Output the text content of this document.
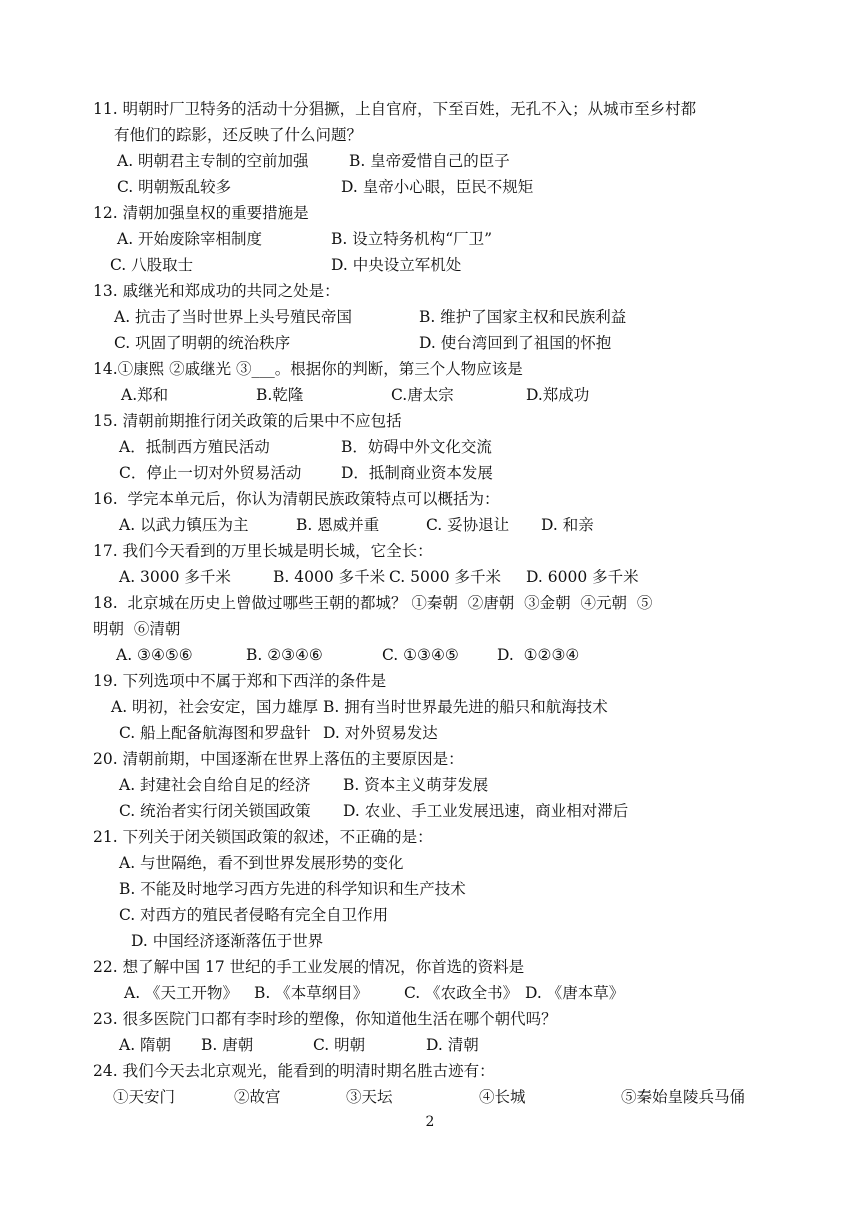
11. 明朝时厂卫特务的活动十分猖撅，上自官府，下至百姓，无孔不入；从城市至乡村都
有他们的踪影，还反映了什么问题？
A. 明朝君主专制的空前加强	B. 皇帝爱惜自己的臣子
C. 明朝叛乱较多	D. 皇帝小心眼，臣民不规矩
12. 清朝加强皇权的重要措施是
A. 开始废除宰相制度	B. 设立特务机构“厂卫”
C. 八股取士	D. 中央设立军机处
13. 戚继光和郑成功的共同之处是：
A. 抗击了当时世界上头号殖民帝国	B. 维护了国家主权和民族利益
C. 巩固了明朝的统治秩序	D. 使台湾回到了祖国的怀抱
14.①康熙 ②戚继光 ③___。根据你的判断，第三个人物应该是
A.郑和	B.乾隆	C.唐太宗	D.郑成功
15. 清朝前期推行闭关政策的后果中不应包括
A．抵制西方殖民活动	B．妨碍中外文化交流
C．停止一切对外贸易活动	D．抵制商业资本发展
16.  学完本单元后，你认为清朝民族政策特点可以概括为：
A. 以武力镇压为主	B. 恩威并重	C. 妥协退让 D. 和亲
17. 我们今天看到的万里长城是明长城，它全长：
A. 3000 多千米	B. 4000 多千米 C. 5000 多千米 D. 6000 多千米
18.  北京城在历史上曾做过哪些王朝的都城？ ①秦朝  ②唐朝  ③金朝  ④元朝  ⑤
明朝  ⑥清朝
A. ③④⑤⑥	B. ②③④⑥	C. ①③④⑤ D.  ①②③④
19. 下列选项中不属于郑和下西洋的条件是
A. 明初，社会安定，国力雄厚 B. 拥有当时世界最先进的船只和航海技术
C. 船上配备航海图和罗盘针 D. 对外贸易发达
20. 清朝前期，中国逐渐在世界上落伍的主要原因是：
A. 封建社会自给自足的经济 B. 资本主义萌芽发展
C. 统治者实行闭关锁国政策 D. 农业、手工业发展迅速，商业相对滞后
21. 下列关于闭关锁国政策的叙述，不正确的是：
A. 与世隔绝，看不到世界发展形势的变化
B. 不能及时地学习西方先进的科学知识和生产技术
C. 对西方的殖民者侵略有完全自卫作用
D. 中国经济逐渐落伍于世界
22. 想了解中国 17 世纪的手工业发展的情况，你首选的资料是
A. 《天工开物》 B. 《本草纲目》 C. 《农政全书》 D. 《唐本草》
23. 很多医院门口都有李时珍的塑像，你知道他生活在哪个朝代吗？
A. 隋朝 B. 唐朝	C. 明朝	D. 清朝
24. 我们今天去北京观光，能看到的明清时期名胜古迹有：
①天安门	②故宫	③天坛	④长城	⑤秦始皇陵兵马俑
2
